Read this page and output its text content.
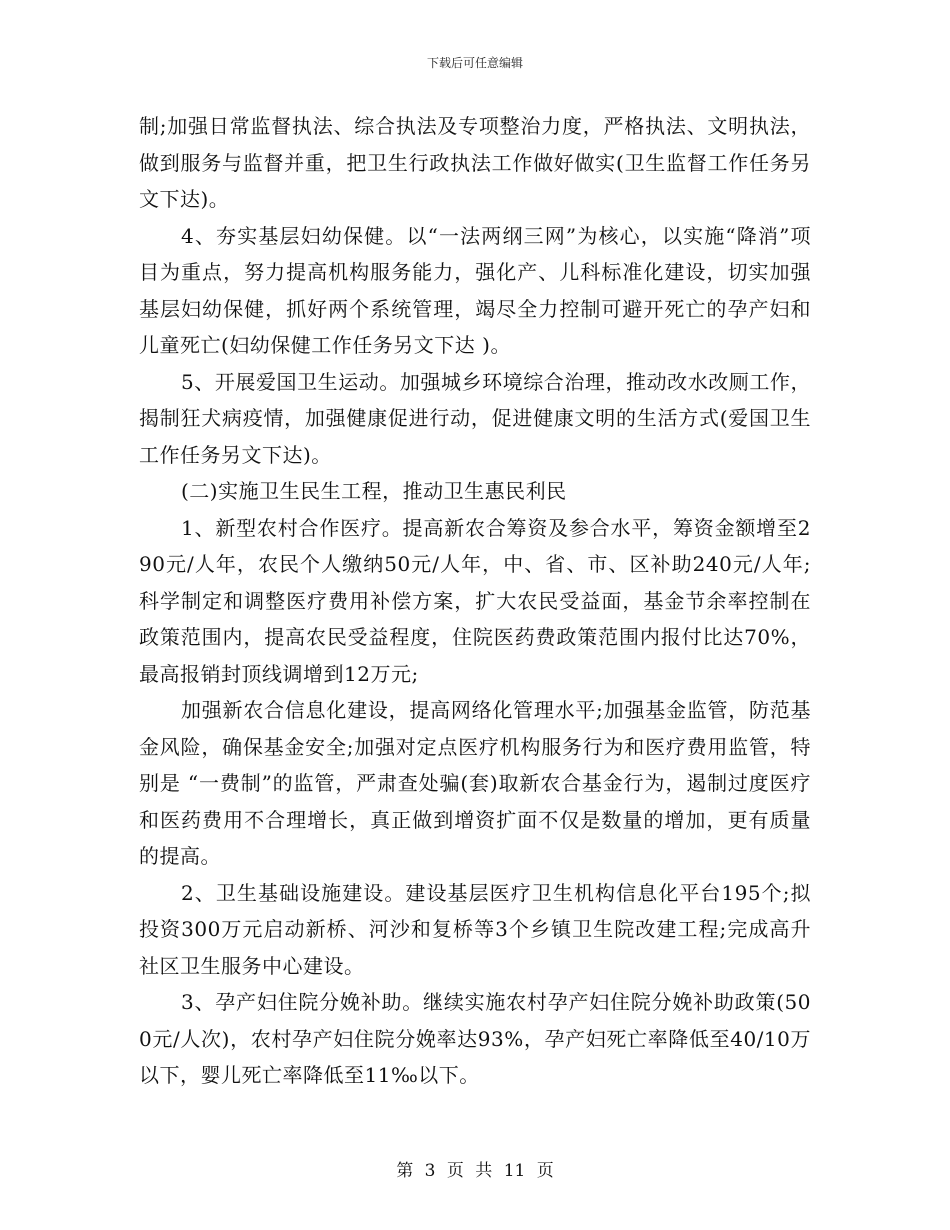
下载后可任意编辑

制;加强日常监督执法、综合执法及专项整治力度，严格执法、文明执法，做到服务与监督并重，把卫生行政执法工作做好做实(卫生监督工作任务另文下达)。

4、夯实基层妇幼保健。以“一法两纲三网”为核心，以实施“降消”项目为重点，努力提高机构服务能力，强化产、儿科标准化建设，切实加强基层妇幼保健，抓好两个系统管理，竭尽全力控制可避开死亡的孕产妇和儿童死亡(妇幼保健工作任务另文下达 )。

5、开展爱国卫生运动。加强城乡环境综合治理，推动改水改厕工作，揭制狂犬病疫情，加强健康促进行动，促进健康文明的生活方式(爱国卫生工作任务另文下达)。

(二)实施卫生民生工程，推动卫生惠民利民

1、新型农村合作医疗。提高新农合筹资及参合水平，筹资金额增至290元/人年，农民个人缴纳50元/人年，中、省、市、区补助240元/人年;科学制定和调整医疗费用补偿方案，扩大农民受益面，基金节余率控制在政策范围内，提高农民受益程度，住院医药费政策范围内报付比达70%，最高报销封顶线调增到12万元;

加强新农合信息化建设，提高网络化管理水平;加强基金监管，防范基金风险，确保基金安全;加强对定点医疗机构服务行为和医疗费用监管，特别是 “一费制”的监管，严肃查处骗(套)取新农合基金行为，遏制过度医疗和医药费用不合理增长，真正做到增资扩面不仅是数量的增加，更有质量的提高。

2、卫生基础设施建设。建设基层医疗卫生机构信息化平台195个;拟投资300万元启动新桥、河沙和复桥等3个乡镇卫生院改建工程;完成高升社区卫生服务中心建设。

3、孕产妇住院分娩补助。继续实施农村孕产妇住院分娩补助政策(500元/人次)，农村孕产妇住院分娩率达93%，孕产妇死亡率降低至40/10万以下，婴儿死亡率降低至11‰以下。

第 3 页 共 11 页
